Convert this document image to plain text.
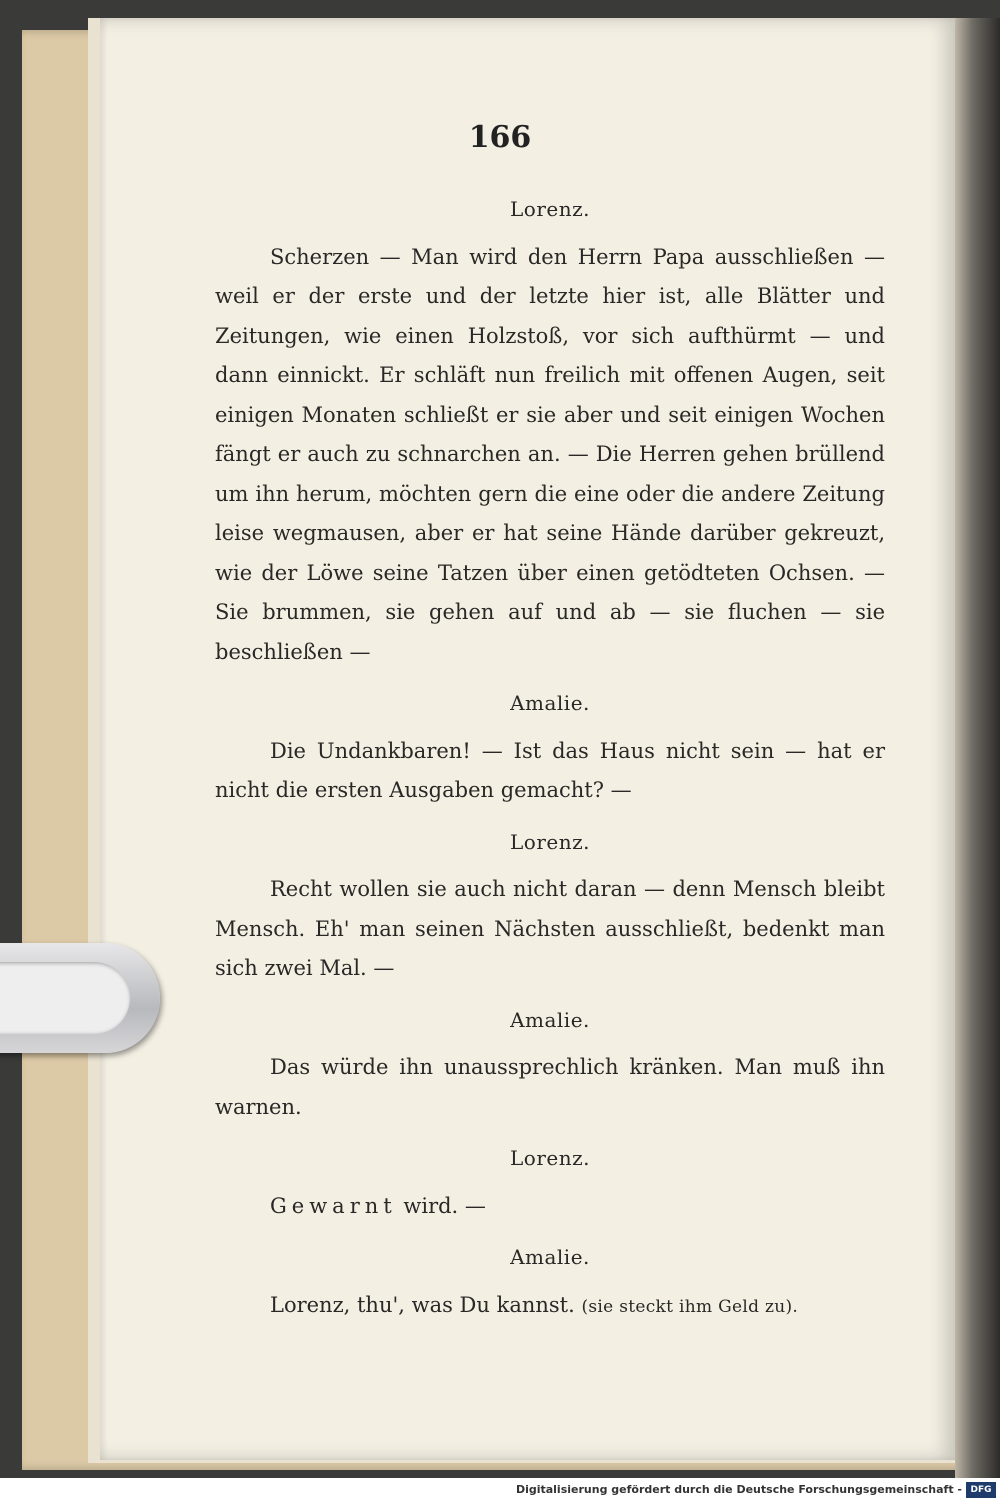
166
Lorenz.

Scherzen — Man wird den Herrn Papa ausschließen — weil er der erste und der letzte hier ist, alle Blätter und Zeitungen, wie einen Holzstoß, vor sich aufthürmt — und dann einnickt. Er schläft nun freilich mit offenen Augen, seit einigen Monaten schließt er sie aber und seit einigen Wochen fängt er auch zu schnarchen an. — Die Herren gehen brüllend um ihn herum, möchten gern die eine oder die andere Zeitung leise wegmausen, aber er hat seine Hände darüber gekreuzt, wie der Löwe seine Tatzen über einen getödteten Ochsen. — Sie brummen, sie gehen auf und ab — sie fluchen — sie beschließen —

Amalie.

Die Undankbaren! — Ist das Haus nicht sein — hat er nicht die ersten Ausgaben gemacht? —

Lorenz.

Recht wollen sie auch nicht daran — denn Mensch bleibt Mensch. Eh' man seinen Nächsten ausschließt, bedenkt man sich zwei Mal. —

Amalie.

Das würde ihn unaussprechlich kränken. Man muß ihn warnen.

Lorenz.

Gewarnt wird. —

Amalie.

Lorenz, thu', was Du kannst. (sie steckt ihm Geld zu).

Digitalisierung gefördert durch die Deutsche Forschungsgemeinschaft - DFG
